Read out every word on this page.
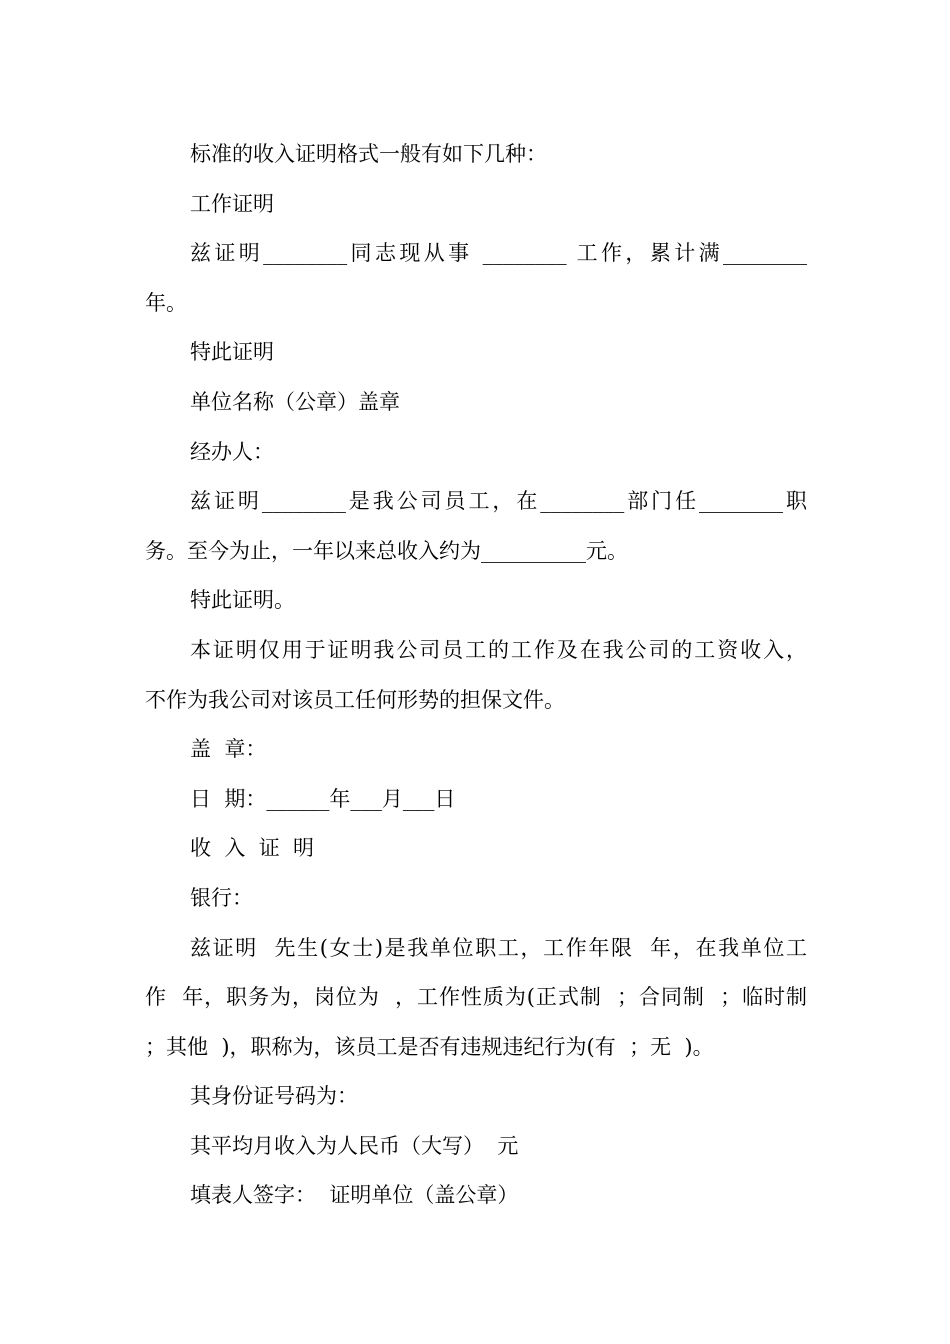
标准的收入证明格式一般有如下几种：

工作证明

兹证明________同志现从事 ________ 工作，累计满________

年。

特此证明

单位名称（公章）盖章

经办人：

兹证明________是我公司员工，在________部门任________职

务。至今为止，一年以来总收入约为__________元。

特此证明。

本证明仅用于证明我公司员工的工作及在我公司的工资收入，

不作为我公司对该员工任何形势的担保文件。

盖  章：

日  期：______年___月___日

收  入  证  明

银行：

兹证明  先生(女士)是我单位职工，工作年限  年，在我单位工

作  年，职务为，岗位为  ，工作性质为(正式制  ；合同制  ；临时制

；其他  )，职称为，该员工是否有违规违纪行为(有  ；无  )。

其身份证号码为：

其平均月收入为人民币（大写）  元

填表人签字：  证明单位（盖公章）
